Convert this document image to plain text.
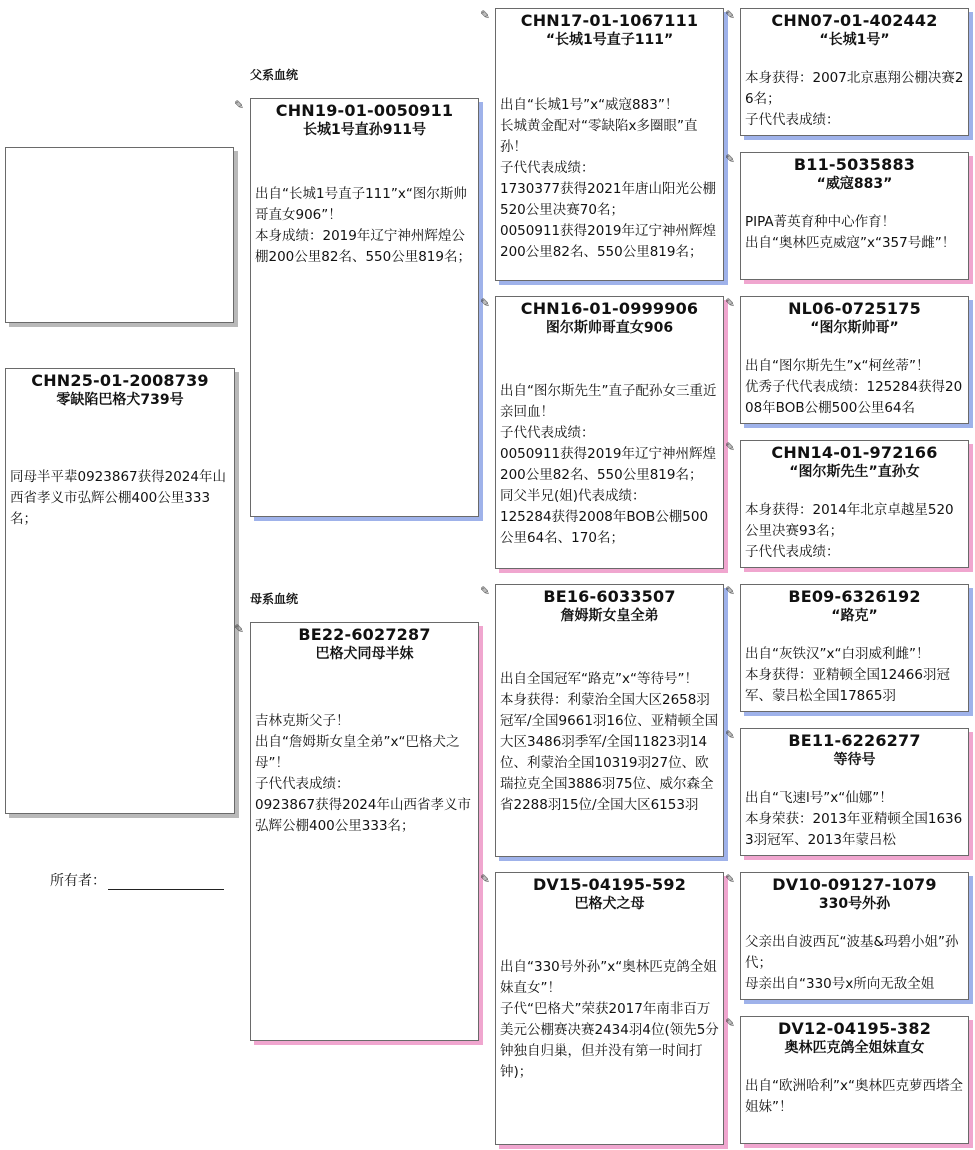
CHN25-01-2008739
零缺陷巴格犬739号

同母半平辈0923867获得2024年山西省孝义市弘辉公棚400公里333名；

所有者：
父系血统
母系血统
✎	CHN19-01-0050911
长城1号直孙911号

出自“长城1号直子111”x“图尔斯帅哥直女906”！

本身成绩：2019年辽宁神州辉煌公棚200公里82名、550公里819名；

✎	BE22-6027287
巴格犬同母半妹

吉林克斯父子！

出自“詹姆斯女皇全弟”x“巴格犬之母”！

子代代表成绩：

0923867获得2024年山西省孝义市弘辉公棚400公里333名；

✎	CHN17-01-1067111
“长城1号直子111”

出自“长城1号”x“威寇883”！

长城黄金配对“零缺陷x多圈眼”直孙！

子代代表成绩：

1730377获得2021年唐山阳光公棚520公里决赛70名；

0050911获得2019年辽宁神州辉煌200公里82名、550公里819名；

✎	CHN16-01-0999906
图尔斯帅哥直女906

出自“图尔斯先生”直子配孙女三重近亲回血！

子代代表成绩：

0050911获得2019年辽宁神州辉煌200公里82名、550公里819名；

同父半兄(姐)代表成绩：

125284获得2008年BOB公棚500公里64名、170名；

✎	BE16-6033507
詹姆斯女皇全弟

出自全国冠军“路克”x“等待号”！

本身获得：利蒙治全国大区2658羽冠军/全国9661羽16位、亚精顿全国大区3486羽季军/全国11823羽14位、利蒙治全国10319羽27位、欧瑞拉克全国3886羽75位、威尔森全省2288羽15位/全国大区6153羽

✎	DV15-04195-592
巴格犬之母

出自“330号外孙”x“奥林匹克鸽全姐妹直女”！

子代“巴格犬”荣获2017年南非百万美元公棚赛决赛2434羽4位(领先5分钟独自归巢，但并没有第一时间打钟)；

✎	CHN07-01-402442
“长城1号”

本身获得：2007北京惠翔公棚决赛26名；

子代代表成绩：

✎	B11-5035883
“威寇883”

PIPA菁英育种中心作育！

出自“奥林匹克威寇”x“357号雌”！

✎	NL06-0725175
“图尔斯帅哥”

出自“图尔斯先生”x“柯丝蒂”！

优秀子代代表成绩：125284获得2008年BOB公棚500公里64名

✎	CHN14-01-972166
“图尔斯先生”直孙女

本身获得：2014年北京卓越星520公里决赛93名；

子代代表成绩：

✎	BE09-6326192
“路克”

出自“灰铁汉”x“白羽威利雌”！

本身获得：亚精顿全国12466羽冠军、蒙吕松全国17865羽

✎	BE11-6226277
等待号

出自“飞速l号”x“仙娜”！

本身荣获：2013年亚精顿全国16363羽冠军、2013年蒙吕松

✎	DV10-09127-1079
330号外孙

父亲出自波西瓦“波基&玛碧小姐”孙代；

母亲出自“330号x所向无敌全姐

✎	DV12-04195-382
奥林匹克鸽全姐妹直女

出自“欧洲哈利”x“奥林匹克萝西塔全姐妹”！
